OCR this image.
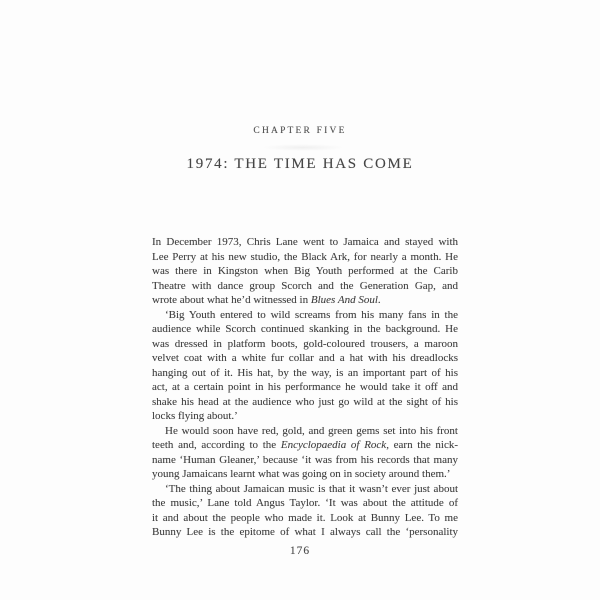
CHAPTER FIVE
1974: THE TIME HAS COME
In December 1973, Chris Lane went to Jamaica and stayed with
Lee Perry at his new studio, the Black Ark, for nearly a month. He
was there in Kingston when Big Youth performed at the Carib
Theatre with dance group Scorch and the Generation Gap, and
wrote about what he’d witnessed in Blues And Soul.
‘Big Youth entered to wild screams from his many fans in the
audience while Scorch continued skanking in the background. He
was dressed in platform boots, gold-coloured trousers, a maroon
velvet coat with a white fur collar and a hat with his dreadlocks
hanging out of it. His hat, by the way, is an important part of his
act, at a certain point in his performance he would take it off and
shake his head at the audience who just go wild at the sight of his
locks flying about.’
He would soon have red, gold, and green gems set into his front
teeth and, according to the Encyclopaedia of Rock, earn the nick-
name ‘Human Gleaner,’ because ‘it was from his records that many
young Jamaicans learnt what was going on in society around them.’
‘The thing about Jamaican music is that it wasn’t ever just about
the music,’ Lane told Angus Taylor. ‘It was about the attitude of
it and about the people who made it. Look at Bunny Lee. To me
Bunny Lee is the epitome of what I always call the ‘personality
176
